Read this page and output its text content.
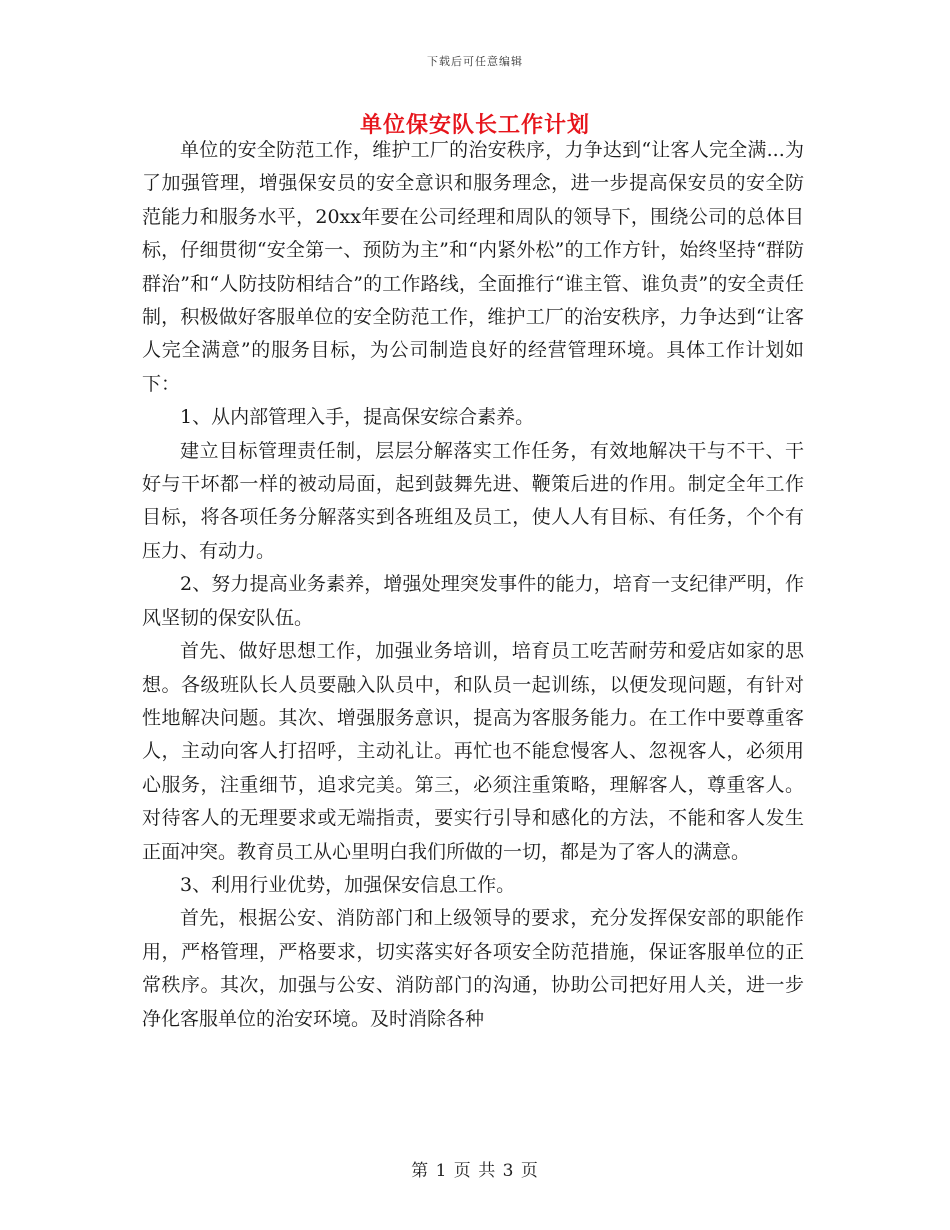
下载后可任意编辑
单位保安队长工作计划

单位的安全防范工作，维护工厂的治安秩序，力争达到“让客人完全满...为了加强管理，增强保安员的安全意识和服务理念，进一步提高保安员的安全防范能力和服务水平，20xx年要在公司经理和周队的领导下，围绕公司的总体目标，仔细贯彻“安全第一、预防为主”和“内紧外松”的工作方针，始终坚持“群防群治”和“人防技防相结合”的工作路线，全面推行“谁主管、谁负责”的安全责任制，积极做好客服单位的安全防范工作，维护工厂的治安秩序，力争达到“让客人完全满意”的服务目标，为公司制造良好的经营管理环境。具体工作计划如下：

1、从内部管理入手，提高保安综合素养。

建立目标管理责任制，层层分解落实工作任务，有效地解决干与不干、干好与干坏都一样的被动局面，起到鼓舞先进、鞭策后进的作用。制定全年工作目标，将各项任务分解落实到各班组及员工，使人人有目标、有任务，个个有压力、有动力。

2、努力提高业务素养，增强处理突发事件的能力，培育一支纪律严明，作风坚韧的保安队伍。

首先、做好思想工作，加强业务培训，培育员工吃苦耐劳和爱店如家的思想。各级班队长人员要融入队员中，和队员一起训练，以便发现问题，有针对性地解决问题。其次、增强服务意识，提高为客服务能力。在工作中要尊重客人，主动向客人打招呼，主动礼让。再忙也不能怠慢客人、忽视客人，必须用心服务，注重细节，追求完美。第三，必须注重策略，理解客人，尊重客人。对待客人的无理要求或无端指责，要实行引导和感化的方法，不能和客人发生正面冲突。教育员工从心里明白我们所做的一切，都是为了客人的满意。

3、利用行业优势，加强保安信息工作。

首先，根据公安、消防部门和上级领导的要求，充分发挥保安部的职能作用，严格管理，严格要求，切实落实好各项安全防范措施，保证客服单位的正常秩序。其次，加强与公安、消防部门的沟通，协助公司把好用人关，进一步净化客服单位的治安环境。及时消除各种

第 1 页 共 3 页
